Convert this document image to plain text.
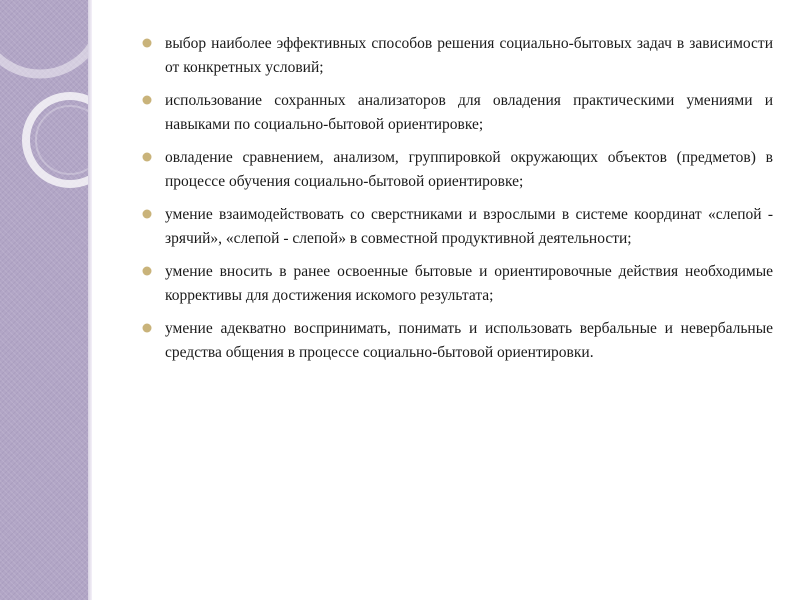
выбор наиболее эффективных способов решения социально-бытовых задач в зависимости от конкретных условий;
использование сохранных анализаторов для овладения практическими умениями и навыками по социально-бытовой ориентировке;
овладение сравнением, анализом, группировкой окружающих объектов (предметов) в процессе обучения социально-бытовой ориентировке;
умение взаимодействовать со сверстниками и взрослыми в системе координат «слепой - зрячий», «слепой - слепой» в совместной продуктивной деятельности;
умение вносить в ранее освоенные бытовые и ориентировочные действия необходимые коррективы для достижения искомого результата;
умение адекватно воспринимать, понимать и использовать вербальные и невербальные средства общения в процессе социально-бытовой ориентировки.
